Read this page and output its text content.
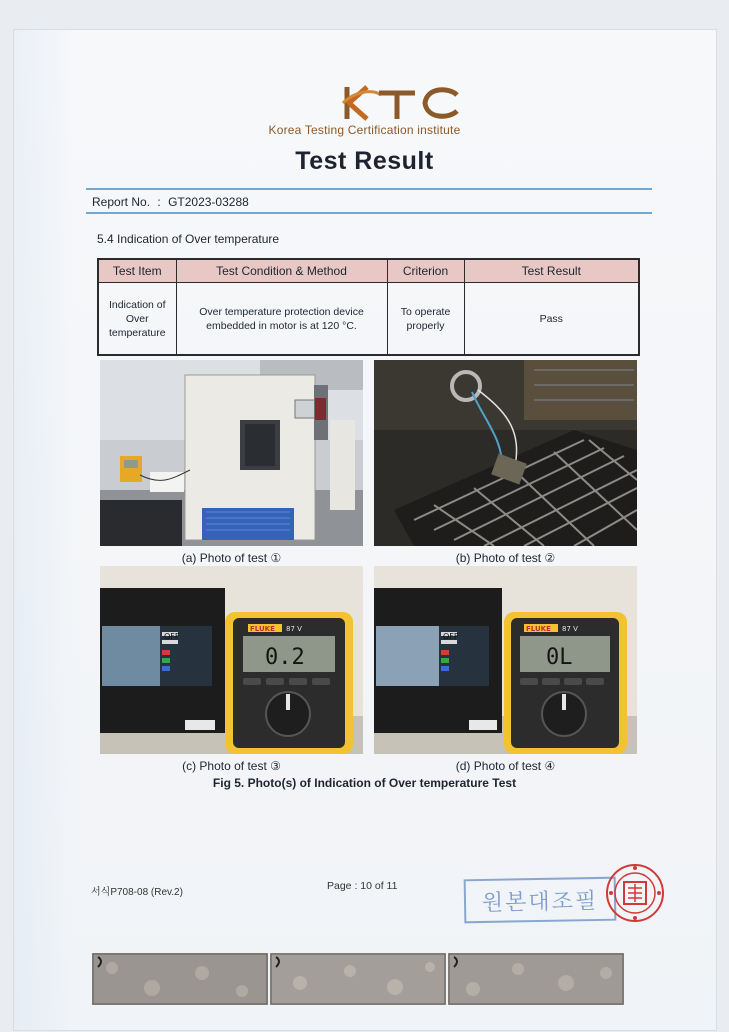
Korea Testing Certification institute
Test Result
Report No. : GT2023-03288
5.4 Indication of Over temperature
Test Item	Test Condition & Method	Criterion	Test Result
Indication of Over temperature	Over temperature protection device embedded in motor is at 120 °C.	To operate properly	Pass
(a) Photo of test ①	(b) Photo of test ②
OFF
FLUKE 87 V
0.2
(c) Photo of test ③
OFF
FLUKE 87 V
0L
(d) Photo of test ④
Fig 5. Photo(s) of Indication of Over temperature Test
서식P708-08 (Rev.2)
Page : 10 of 11
원본대조필
